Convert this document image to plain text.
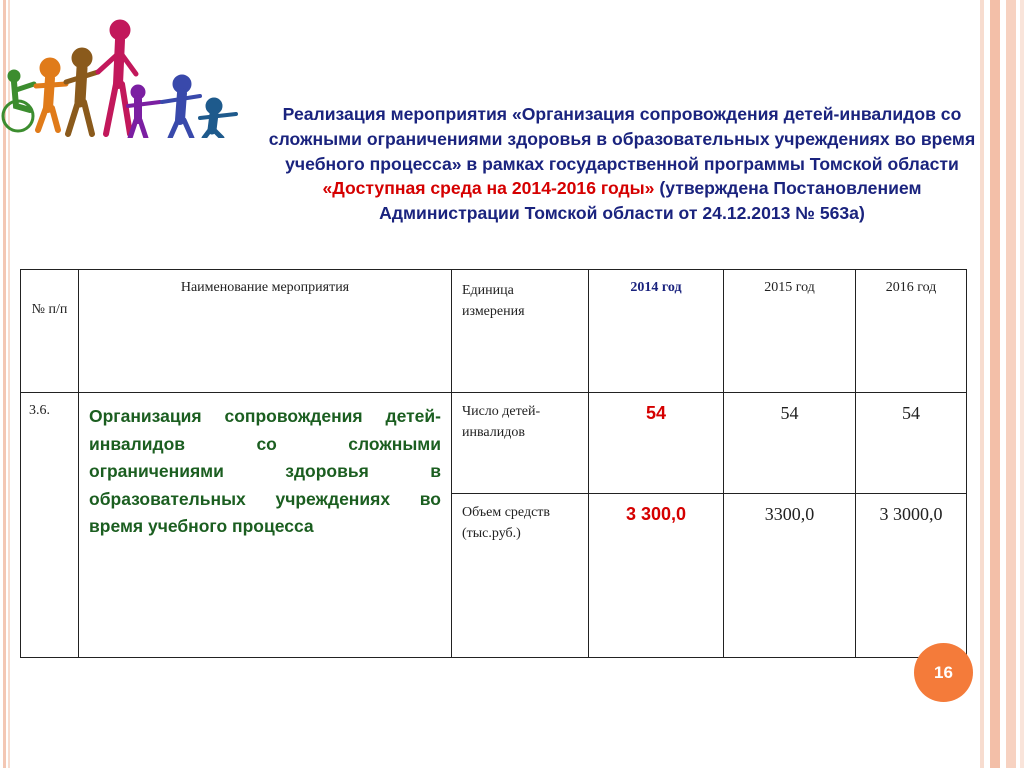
Реализация мероприятия «Организация сопровождения детей-инвалидов со сложными ограничениями здоровья в образовательных учреждениях во время учебного процесса» в рамках государственной программы Томской области «Доступная среда на 2014-2016 годы» (утверждена Постановлением Администрации Томской области от 24.12.2013 № 563а)
№ п/п	Наименование мероприятия	Единица измерения	2014 год	2015 год	2016 год

3.6.	Организация сопровождения детей-инвалидов со сложными ограничениями здоровья в образовательных учреждениях во время учебного процесса	Число детей-инвалидов	54	54	54

		Объем средств (тыс.руб.)	3 300,0	3300,0	3 3000,0
16
